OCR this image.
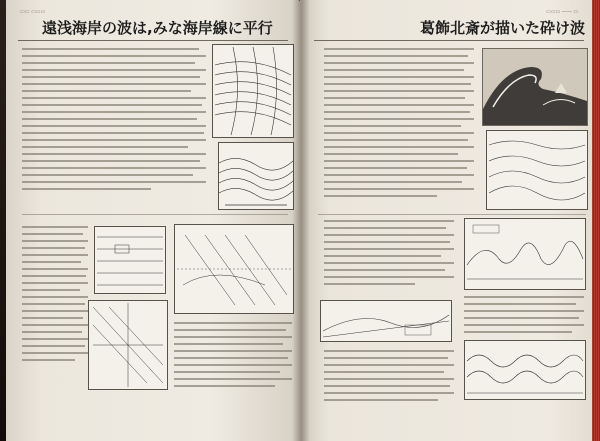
▭▭ ▭▭▭
遠浅海岸の波は,みな海岸線に平行
▭▭▭ ―― ▭
葛飾北斎が描いた砕け波
